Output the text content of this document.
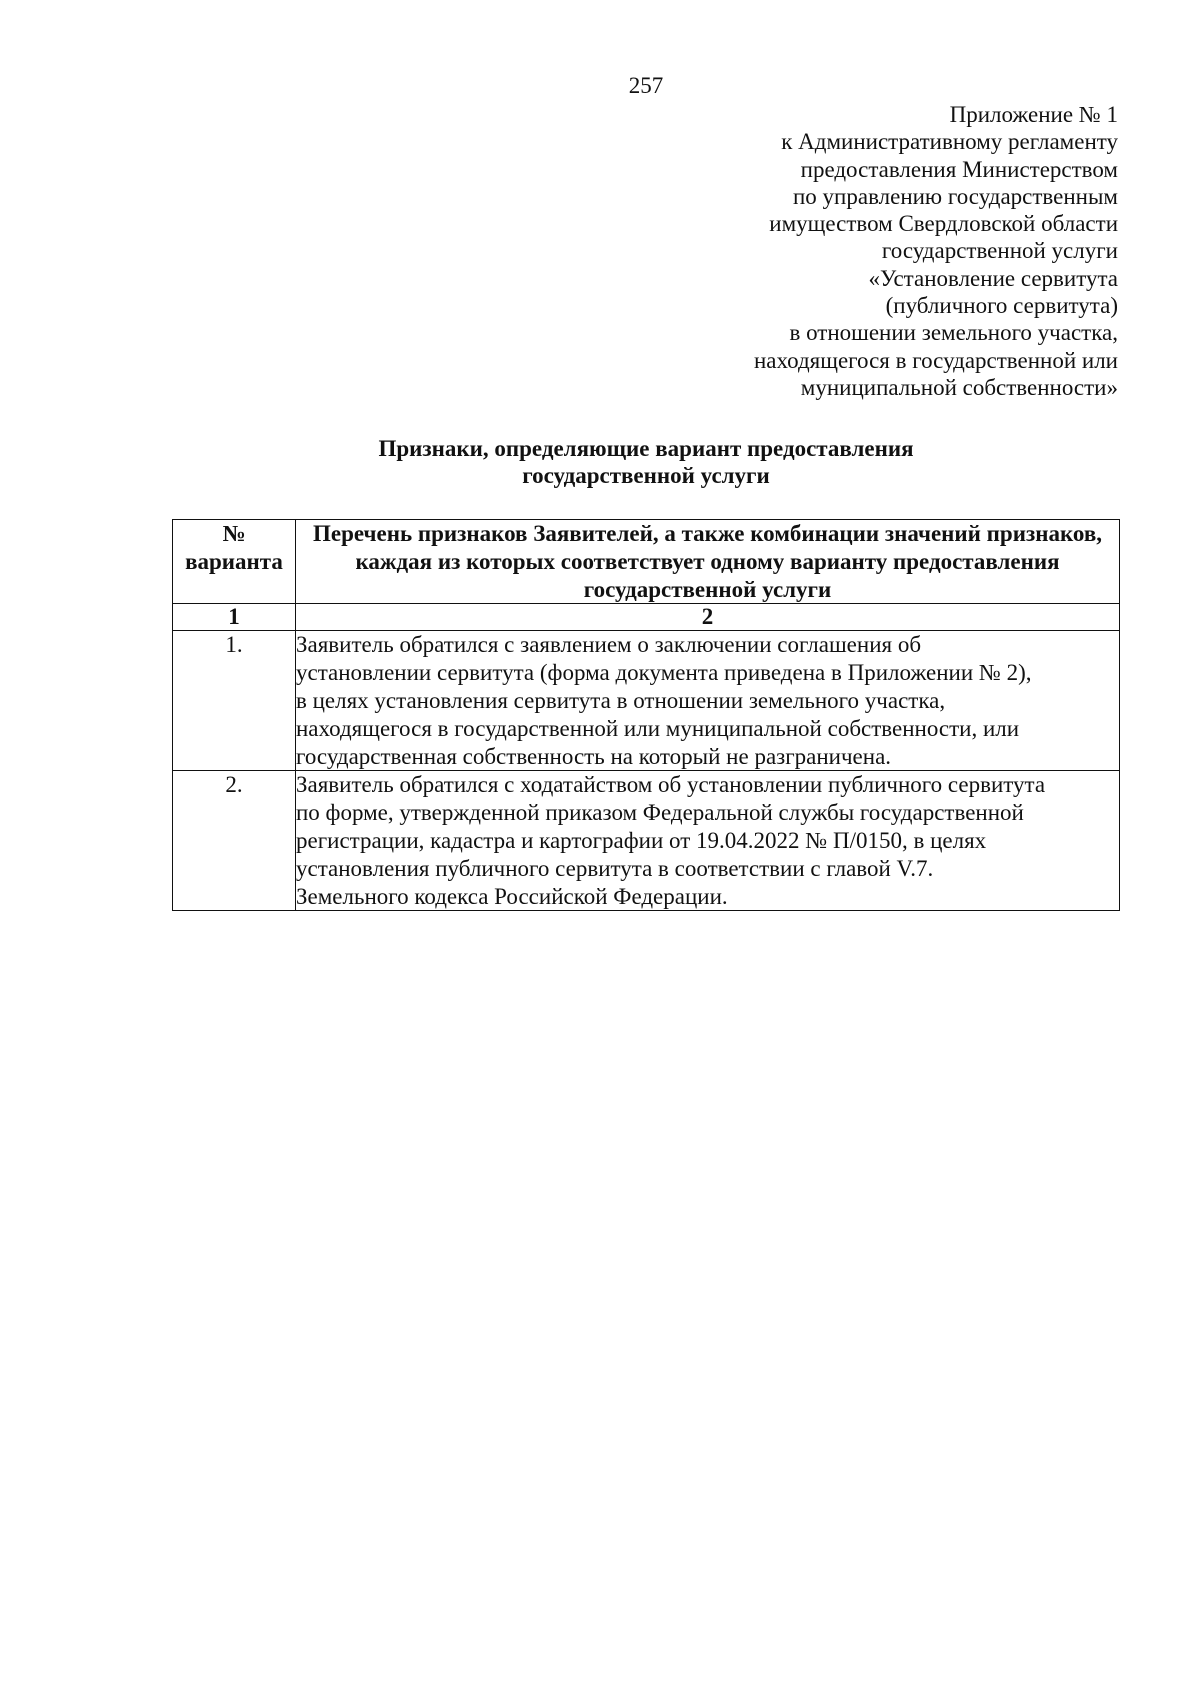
257
Приложение № 1
к Административному регламенту
предоставления Министерством
по управлению государственным
имуществом Свердловской области
государственной услуги
«Установление сервитута
(публичного сервитута)
в отношении земельного участка,
находящегося в государственной или
муниципальной собственности»
Признаки, определяющие вариант предоставления
государственной услуги
№
варианта	Перечень признаков Заявителей, а также комбинации значений признаков, каждая из которых соответствует одному варианту предоставления государственной услуги
1	2
1.	Заявитель обратился с заявлением о заключении соглашения об
установлении сервитута (форма документа приведена в Приложении № 2),
в целях установления сервитута в отношении земельного участка,
находящегося в государственной или муниципальной собственности, или
государственная собственность на который не разграничена.
2.	Заявитель обратился с ходатайством об установлении публичного сервитута
по форме, утвержденной приказом Федеральной службы государственной
регистрации, кадастра и картографии от 19.04.2022 № П/0150, в целях
установления публичного сервитута в соответствии с главой V.7.
Земельного кодекса Российской Федерации.
